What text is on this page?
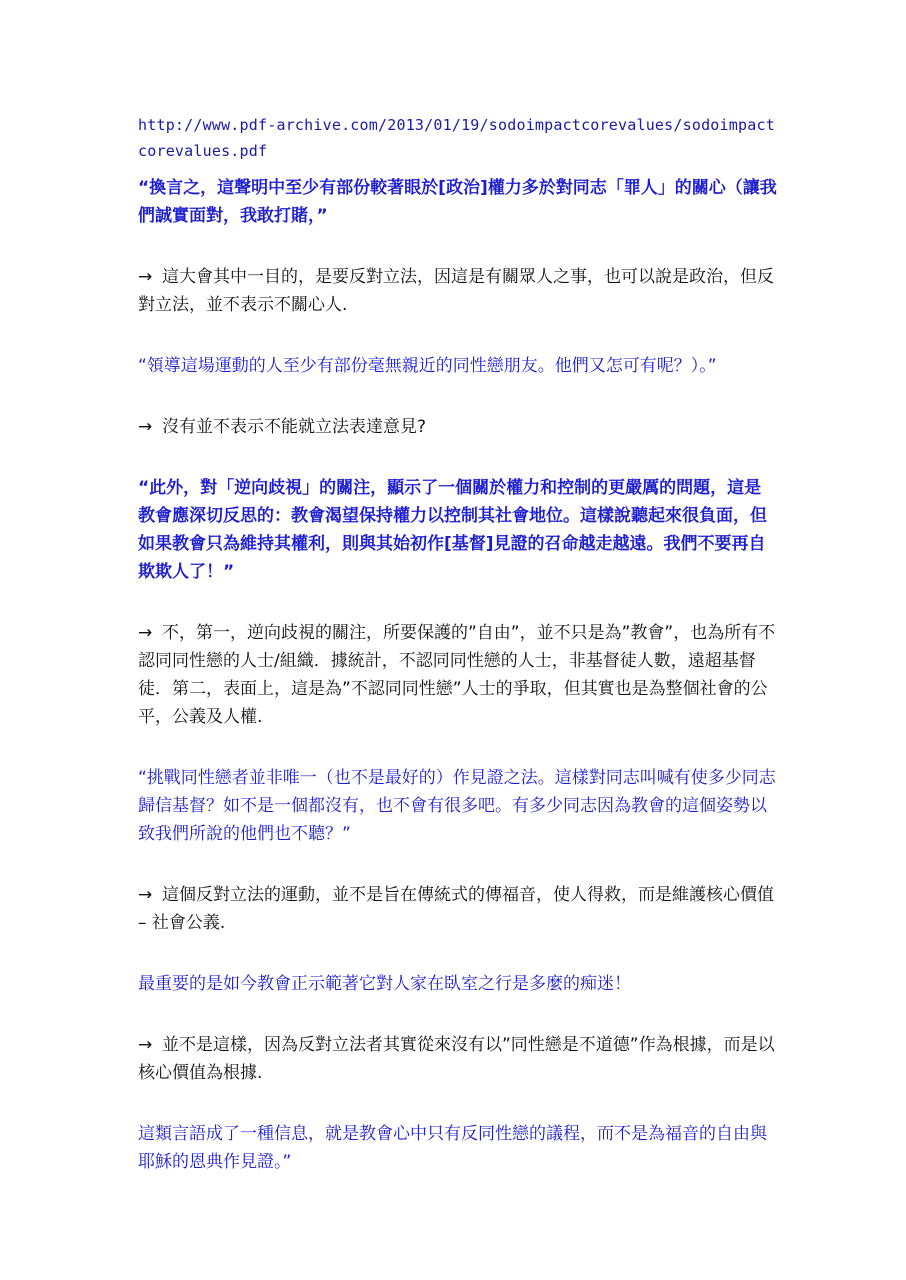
http://www.pdf-archive.com/2013/01/19/sodoimpactcorevalues/sodoimpactcorevalues.pdf
“換言之，這聲明中至少有部份較著眼於[政治]權力多於對同志「罪人」的關心（讓我們誠實面對，我敢打賭，”
→ 這大會其中一目的，是要反對立法，因這是有關眾人之事，也可以說是政治，但反對立法，並不表示不關心人.
“領導這場運動的人至少有部份毫無親近的同性戀朋友。他們又怎可有呢？）。”
→ 沒有並不表示不能就立法表達意見?
“此外，對「逆向歧視」的關注，顯示了一個關於權力和控制的更嚴厲的問題，這是教會應深切反思的：教會渴望保持權力以控制其社會地位。這樣說聽起來很負面，但如果教會只為維持其權利，則與其始初作[基督]見證的召命越走越遠。我們不要再自欺欺人了！”
→ 不，第一，逆向歧視的關注，所要保護的”自由”，並不只是為”教會”，也為所有不認同同性戀的人士/組織．據統計，不認同同性戀的人士，非基督徒人數，遠超基督徒．第二，表面上，這是為”不認同同性戀”人士的爭取，但其實也是為整個社會的公平，公義及人權.
“挑戰同性戀者並非唯一（也不是最好的）作見證之法。這樣對同志叫喊有使多少同志歸信基督？如不是一個都沒有，也不會有很多吧。有多少同志因為教會的這個姿勢以致我們所說的他們也不聽？”
→ 這個反對立法的運動，並不是旨在傳統式的傳福音，使人得救，而是維護核心價值 – 社會公義.
最重要的是如今教會正示範著它對人家在臥室之行是多麼的痴迷！
→ 並不是這樣，因為反對立法者其實從來沒有以”同性戀是不道德”作為根據，而是以核心價值為根據.
這類言語成了一種信息，就是教會心中只有反同性戀的議程，而不是為福音的自由與耶穌的恩典作見證。”
